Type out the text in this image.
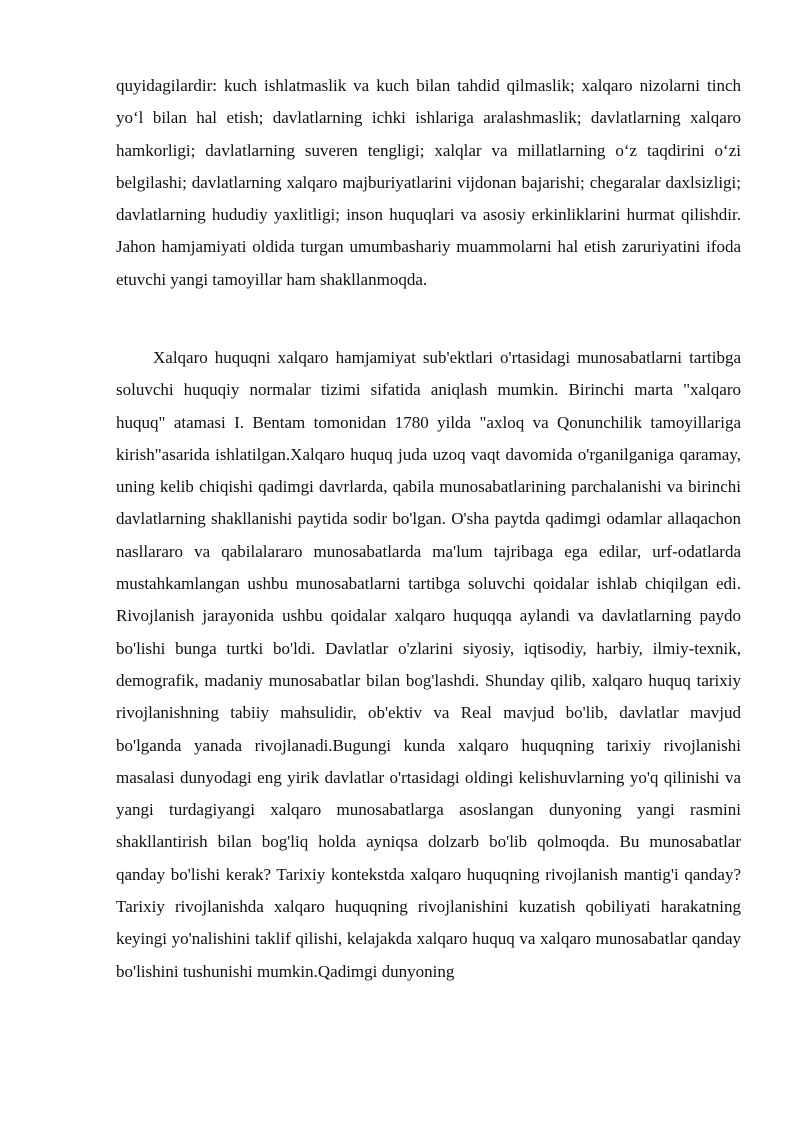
quyidagilardir: kuch ishlatmaslik va kuch bilan tahdid qilmaslik; xalqaro nizolarni tinch yo‘l bilan hal etish; davlatlarning ichki ishlariga aralashmaslik; davlatlarning xalqaro hamkorligi; davlatlarning suveren tengligi; xalqlar va millatlarning o‘z taqdirini o‘zi belgilashi; davlatlarning xalqaro majburiyatlarini vijdonan bajarishi; chegaralar daxlsizligi; davlatlarning hududiy yaxlitligi; inson huquqlari va asosiy erkinliklarini hurmat qilishdir. Jahon hamjamiyati oldida turgan umumbashariy muammolarni hal etish zaruriyatini ifoda etuvchi yangi tamoyillar ham shakllanmoqda.

Xalqaro huquqni xalqaro hamjamiyat sub'ektlari o'rtasidagi munosabatlarni tartibga soluvchi huquqiy normalar tizimi sifatida aniqlash mumkin. Birinchi marta "xalqaro huquq" atamasi I. Bentam tomonidan 1780 yilda "axloq va Qonunchilik tamoyillariga kirish"asarida ishlatilgan.Xalqaro huquq juda uzoq vaqt davomida o'rganilganiga qaramay, uning kelib chiqishi qadimgi davrlarda, qabila munosabatlarining parchalanishi va birinchi davlatlarning shakllanishi paytida sodir bo'lgan. O'sha paytda qadimgi odamlar allaqachon nasllararo va qabilalararo munosabatlarda ma'lum tajribaga ega edilar, urf-odatlarda mustahkamlangan ushbu munosabatlarni tartibga soluvchi qoidalar ishlab chiqilgan edi. Rivojlanish jarayonida ushbu qoidalar xalqaro huquqqa aylandi va davlatlarning paydo bo'lishi bunga turtki bo'ldi. Davlatlar o'zlarini siyosiy, iqtisodiy, harbiy, ilmiy-texnik, demografik, madaniy munosabatlar bilan bog'lashdi. Shunday qilib, xalqaro huquq tarixiy rivojlanishning tabiiy mahsulidir, ob'ektiv va Real mavjud bo'lib, davlatlar mavjud bo'lganda yanada rivojlanadi.Bugungi kunda xalqaro huquqning tarixiy rivojlanishi masalasi dunyodagi eng yirik davlatlar o'rtasidagi oldingi kelishuvlarning yo'q qilinishi va yangi turdagiyangi xalqaro munosabatlarga asoslangan dunyoning yangi rasmini shakllantirish bilan bog'liq holda ayniqsa dolzarb bo'lib qolmoqda. Bu munosabatlar qanday bo'lishi kerak? Tarixiy kontekstda xalqaro huquqning rivojlanish mantig'i qanday? Tarixiy rivojlanishda xalqaro huquqning rivojlanishini kuzatish qobiliyati harakatning keyingi yo'nalishini taklif qilishi, kelajakda xalqaro huquq va xalqaro munosabatlar qanday bo'lishini tushunishi mumkin.Qadimgi dunyoning
